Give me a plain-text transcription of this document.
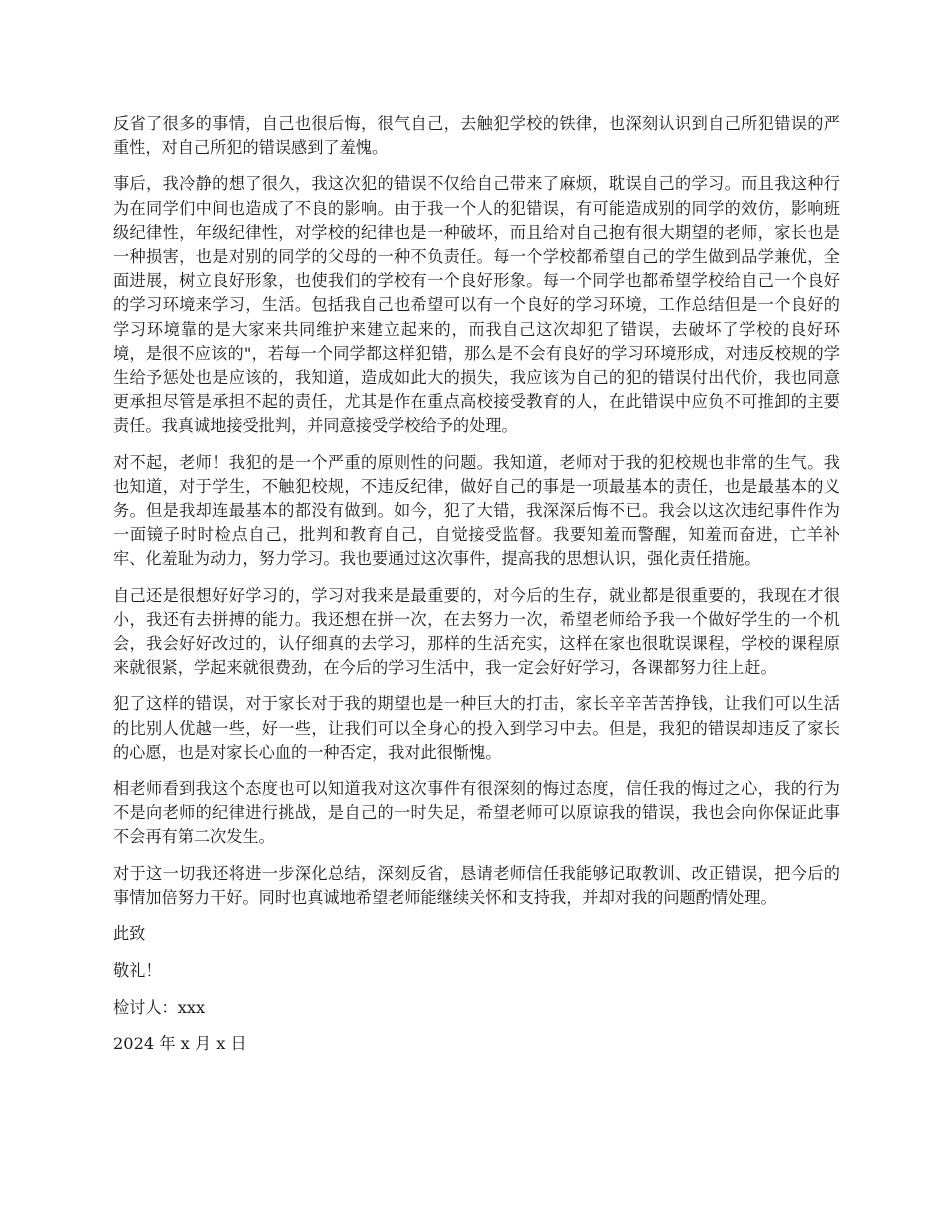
反省了很多的事情，自己也很后悔，很气自己，去触犯学校的铁律，也深刻认识到自己所犯错误的严重性，对自己所犯的错误感到了羞愧。

事后，我冷静的想了很久，我这次犯的错误不仅给自己带来了麻烦，耽误自己的学习。而且我这种行为在同学们中间也造成了不良的影响。由于我一个人的犯错误，有可能造成别的同学的效仿，影响班级纪律性，年级纪律性，对学校的纪律也是一种破坏，而且给对自己抱有很大期望的老师，家长也是一种损害，也是对别的同学的父母的一种不负责任。每一个学校都希望自己的学生做到品学兼优，全面进展，树立良好形象，也使我们的学校有一个良好形象。每一个同学也都希望学校给自己一个良好的学习环境来学习，生活。包括我自己也希望可以有一个良好的学习环境，工作总结但是一个良好的学习环境靠的是大家来共同维护来建立起来的，而我自己这次却犯了错误，去破坏了学校的良好环境，是很不应该的"，若每一个同学都这样犯错，那么是不会有良好的学习环境形成，对违反校规的学生给予惩处也是应该的，我知道，造成如此大的损失，我应该为自己的犯的错误付出代价，我也同意更承担尽管是承担不起的责任，尤其是作在重点高校接受教育的人，在此错误中应负不可推卸的主要责任。我真诚地接受批判，并同意接受学校给予的处理。

对不起，老师！我犯的是一个严重的原则性的问题。我知道，老师对于我的犯校规也非常的生气。我也知道，对于学生，不触犯校规，不违反纪律，做好自己的事是一项最基本的责任，也是最基本的义务。但是我却连最基本的都没有做到。如今，犯了大错，我深深后悔不已。我会以这次违纪事件作为一面镜子时时检点自己，批判和教育自己，自觉接受监督。我要知羞而警醒，知羞而奋进，亡羊补牢、化羞耻为动力，努力学习。我也要通过这次事件，提高我的思想认识，强化责任措施。

自己还是很想好好学习的，学习对我来是最重要的，对今后的生存，就业都是很重要的，我现在才很小，我还有去拼搏的能力。我还想在拼一次，在去努力一次，希望老师给予我一个做好学生的一个机会，我会好好改过的，认仔细真的去学习，那样的生活充实，这样在家也很耽误课程，学校的课程原来就很紧，学起来就很费劲，在今后的学习生活中，我一定会好好学习，各课都努力往上赶。

犯了这样的错误，对于家长对于我的期望也是一种巨大的打击，家长辛辛苦苦挣钱，让我们可以生活的比别人优越一些，好一些，让我们可以全身心的投入到学习中去。但是，我犯的错误却违反了家长的心愿，也是对家长心血的一种否定，我对此很惭愧。

相老师看到我这个态度也可以知道我对这次事件有很深刻的悔过态度，信任我的悔过之心，我的行为不是向老师的纪律进行挑战，是自己的一时失足，希望老师可以原谅我的错误，我也会向你保证此事不会再有第二次发生。

对于这一切我还将进一步深化总结，深刻反省，恳请老师信任我能够记取教训、改正错误，把今后的事情加倍努力干好。同时也真诚地希望老师能继续关怀和支持我，并却对我的问题酌情处理。

此致

敬礼！

检讨人：xxx

2024 年 x 月 x 日
